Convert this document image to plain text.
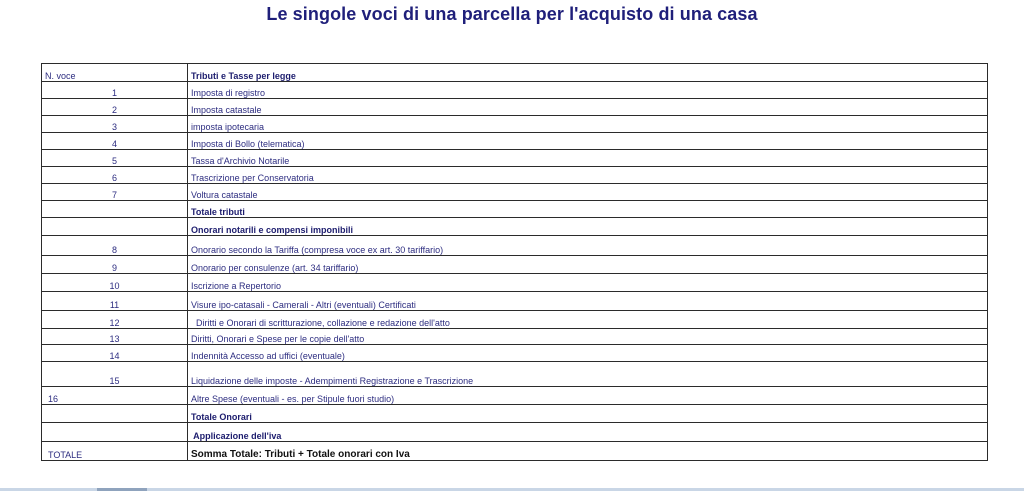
Le singole voci di una parcella per l'acquisto di una casa
N. voce	Tributi e Tasse per legge
1	Imposta di registro
2	Imposta catastale
3	imposta ipotecaria
4	Imposta di Bollo (telematica)
5	Tassa d'Archivio Notarile
6	Trascrizione per Conservatoria
7	Voltura catastale
	Totale tributi
	Onorari notarili e compensi imponibili
8	Onorario secondo la Tariffa (compresa voce ex art. 30 tariffario)
9	Onorario per consulenze (art. 34 tariffario)
10	Iscrizione a Repertorio
11	Visure ipo-catasali - Camerali - Altri (eventuali) Certificati
12	Diritti e Onorari di scritturazione, collazione e redazione dell'atto
13	Diritti, Onorari e Spese per le copie dell'atto
14	Indennità Accesso ad uffici (eventuale)
15	Liquidazione delle imposte - Adempimenti Registrazione e Trascrizione
16	Altre Spese (eventuali - es. per Stipule fuori studio)
	Totale Onorari
	Applicazione dell'iva
TOTALE	Somma Totale: Tributi + Totale onorari con Iva
